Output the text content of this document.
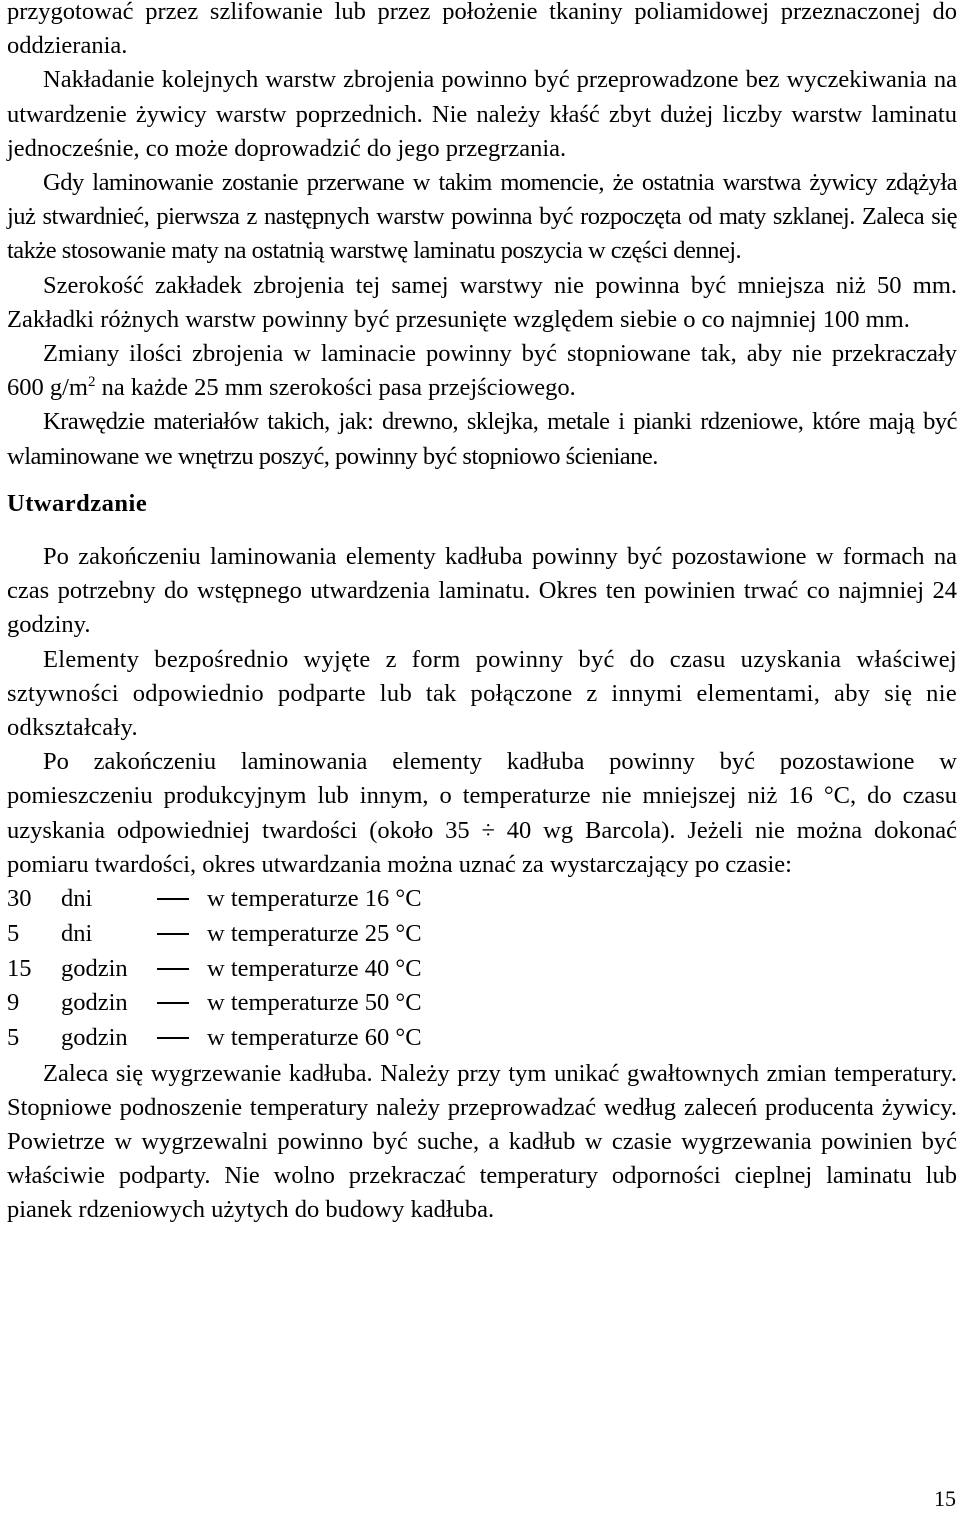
przygotować przez szlifowanie lub przez położenie tkaniny poliamidowej przeznaczonej do oddzierania.

Nakładanie kolejnych warstw zbrojenia powinno być przeprowadzone bez wyczekiwania na utwardzenie żywicy warstw poprzednich. Nie należy kłaść zbyt dużej liczby warstw laminatu jednocześnie, co może doprowadzić do jego przegrzania.

Gdy laminowanie zostanie przerwane w takim momencie, że ostatnia warstwa żywicy zdążyła już stwardnieć, pierwsza z następnych warstw powinna być rozpoczęta od maty szklanej. Zaleca się także stosowanie maty na ostatnią warstwę laminatu poszycia w części dennej.

Szerokość zakładek zbrojenia tej samej warstwy nie powinna być mniejsza niż 50 mm. Zakładki różnych warstw powinny być przesunięte względem siebie o co najmniej 100 mm.

Zmiany ilości zbrojenia w laminacie powinny być stopniowane tak, aby nie przekraczały 600 $g/m^2$ na każde 25 mm szerokości pasa przejściowego.

Krawędzie materiałów takich, jak: drewno, sklejka, metale i pianki rdzeniowe, które mają być wlaminowane we wnętrzu poszyć, powinny być stopniowo ścieniane.

Utwardzanie

Po zakończeniu laminowania elementy kadłuba powinny być pozostawione w formach na czas potrzebny do wstępnego utwardzenia laminatu. Okres ten powinien trwać co najmniej 24 godziny.

Elementy bezpośrednio wyjęte z form powinny być do czasu uzyskania właściwej sztywności odpowiednio podparte lub tak połączone z innymi elementami, aby się nie odkształcały.

Po zakończeniu laminowania elementy kadłuba powinny być pozostawione w pomieszczeniu produkcyjnym lub innym, o temperaturze nie mniejszej niż 16 °C, do czasu uzyskania odpowiedniej twardości (około 35 ÷ 40 wg Barcola). Jeżeli nie można dokonać pomiaru twardości, okres utwardzania można uznać za wystarczający po czasie:

30	dni	w temperaturze 16 °C
5	dni	w temperaturze 25 °C
15	godzin	w temperaturze 40 °C
9	godzin	w temperaturze 50 °C
5	godzin	w temperaturze 60 °C

Zaleca się wygrzewanie kadłuba. Należy przy tym unikać gwałtownych zmian temperatury. Stopniowe podnoszenie temperatury należy przeprowadzać według zaleceń producenta żywicy. Powietrze w wygrzewalni powinno być suche, a kadłub w czasie wygrzewania powinien być właściwie podparty. Nie wolno przekraczać temperatury odporności cieplnej laminatu lub pianek rdzeniowych użytych do budowy kadłuba.

15
